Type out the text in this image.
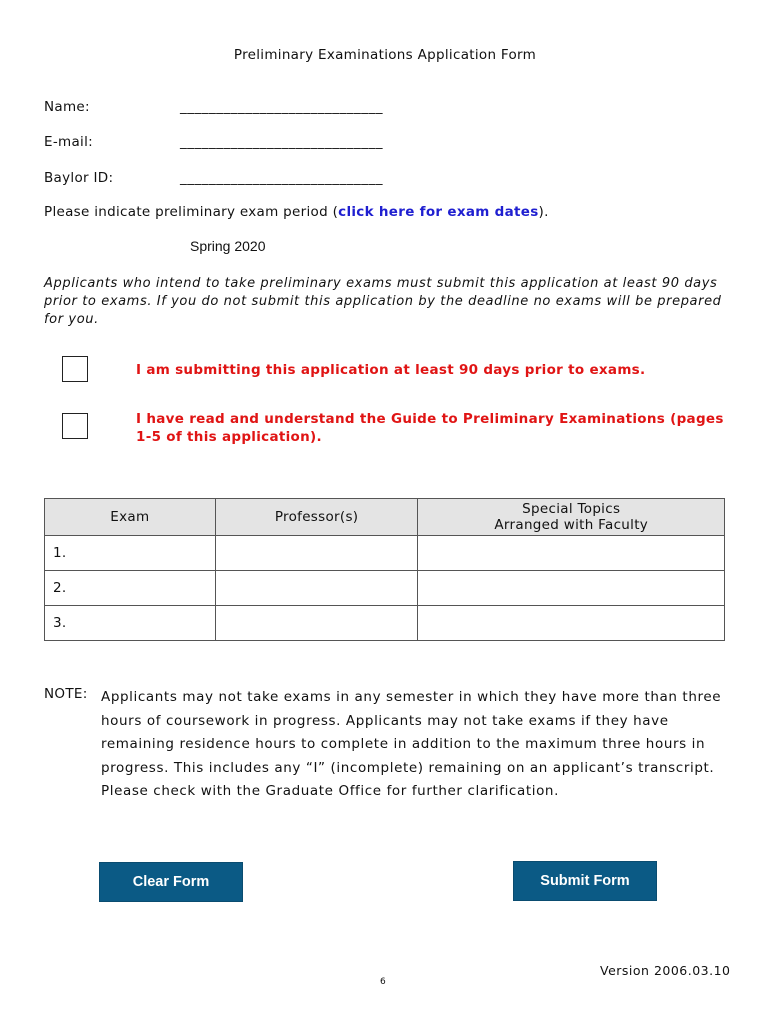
Preliminary Examinations Application Form
Name:	____________________________
E-mail:	____________________________
Baylor ID:	____________________________
Please indicate preliminary exam period (click here for exam dates).
Spring 2020
Applicants who intend to take preliminary exams must submit this application at least 90 days prior to exams. If you do not submit this application by the deadline no exams will be prepared for you.
I am submitting this application at least 90 days prior to exams.
I have read and understand the Guide to Preliminary Examinations (pages 1-5 of this application).
Exam	Professor(s)	Special Topics
Arranged with Faculty
1.		
2.		
3.		
NOTE: Applicants may not take exams in any semester in which they have more than three hours of coursework in progress. Applicants may not take exams if they have remaining residence hours to complete in addition to the maximum three hours in progress. This includes any “I” (incomplete) remaining on an applicant’s transcript. Please check with the Graduate Office for further clarification.
Clear Form	Submit Form
Version 2006.03.10
6
